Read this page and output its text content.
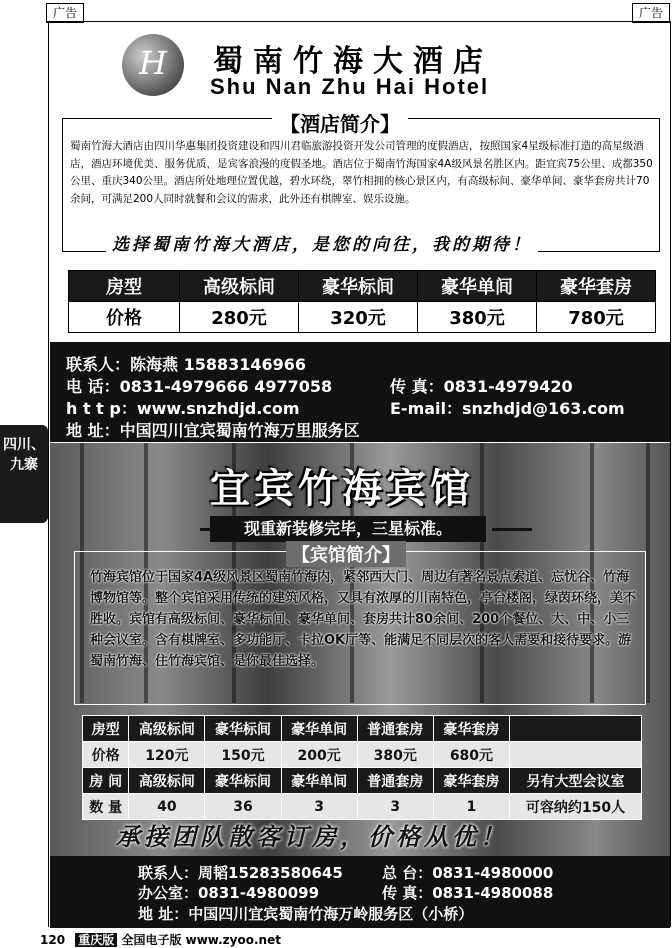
广告	广告
四川、
九寨
H	蜀南竹海大酒店
Shu Nan Zhu Hai Hotel
【酒店简介】
蜀南竹海大酒店由四川华惠集团投资建设和四川君临旅游投资开发公司管理的度假酒店，按照国家4星级标准打造的高星级酒店，酒店环境优美、服务优质，是宾客浪漫的度假圣地。酒店位于蜀南竹海国家4A级风景名胜区内。距宜宾75公里、成都350公里、重庆340公里。酒店所处地理位置优越，碧水环绕，翠竹相拥的核心景区内，有高级标间、豪华单间、豪华套房共计70余间，可满足200人同时就餐和会议的需求，此外还有棋牌室、娱乐设施。
选择蜀南竹海大酒店，是您的向往，我的期待！
房型	高级标间	豪华标间	豪华单间	豪华套房
价格	280元	320元	380元	780元
联系人：陈海燕 15883146966
电 话：0831-4979666 4977058	传 真：0831-4979420
h t t p：www.snzhdjd.com	E-mail：snzhdjd@163.com
地 址：中国四川宜宾蜀南竹海万里服务区
宜宾竹海宾馆
现重新装修完毕，三星标准。
【宾馆简介】
竹海宾馆位于国家4A级风景区蜀南竹海内，紧邻西大门、周边有著名景点索道、忘忧谷、竹海博物馆等。整个宾馆采用传统的建筑风格，又具有浓厚的川南特色，亭台楼阁，绿茵环绕，美不胜收。宾馆有高级标间、豪华标间、豪华单间、套房共计80余间、200个餐位、大、中、小三种会议室。含有棋牌室、多功能厅、卡拉OK厅等、能满足不同层次的客人需要和接待要求。游蜀南竹海、住竹海宾馆、是你最佳选择。
房型	高级标间	豪华标间	豪华单间	普通套房	豪华套房	
价格	120元	150元	200元	380元	680元	
房 间	高级标间	豪华标间	豪华单间	普通套房	豪华套房	另有大型会议室
数 量	40	36	3	3	1	可容纳约150人
承接团队散客订房，价格从优！
联系人：周韬15283580645	总 台：0831-4980000
办公室：0831-4980099	传 真：0831-4980088
地 址：中国四川宜宾蜀南竹海万岭服务区（小桥）
120 重庆版 全国电子版 www.zyoo.net
